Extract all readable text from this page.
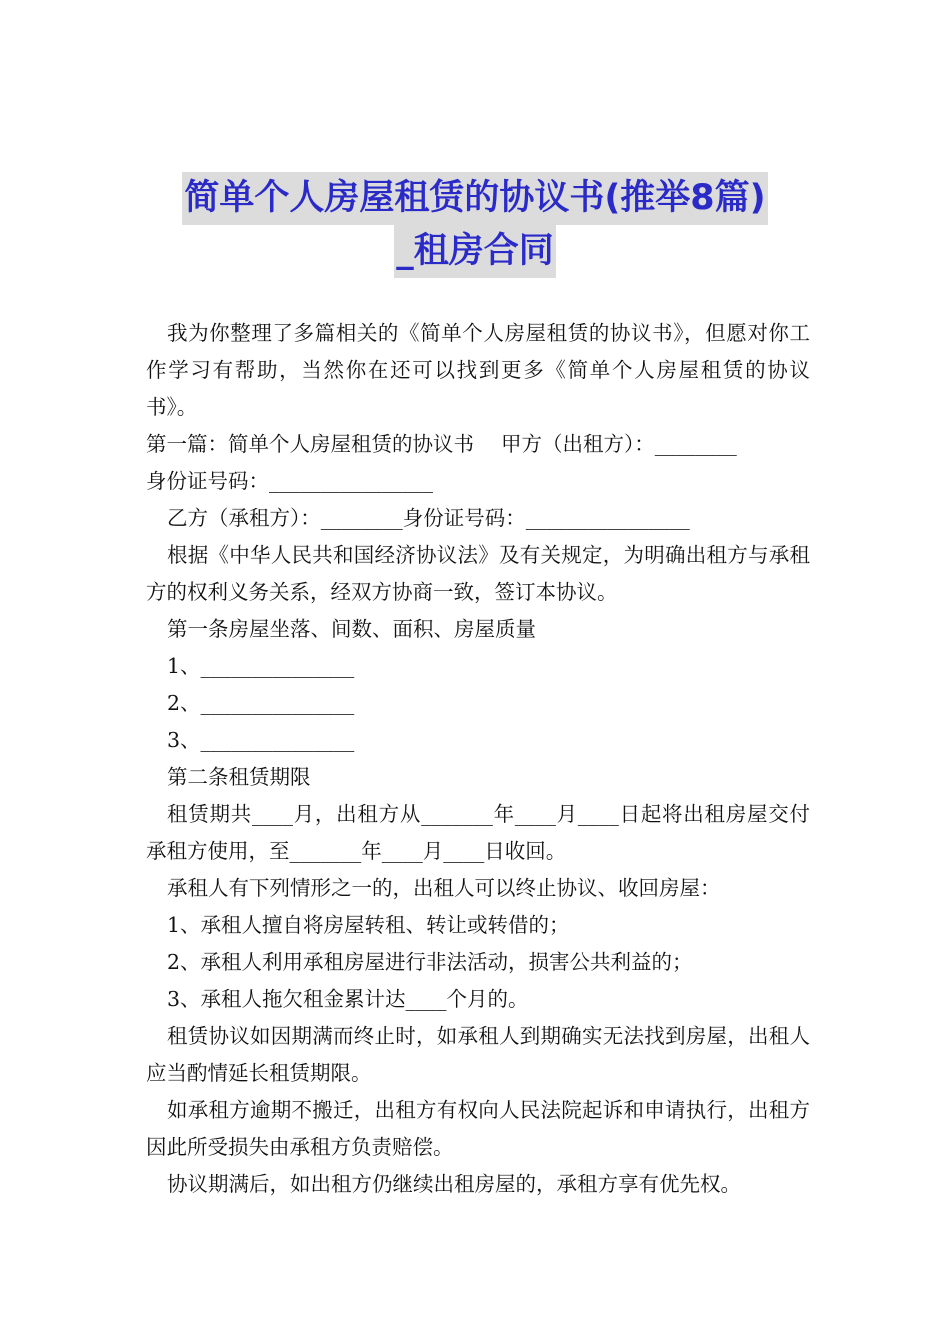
简单个人房屋租赁的协议书(推举8篇)
_租房合同

我为你整理了多篇相关的《简单个人房屋租赁的协议书》，但愿对你工作学习有帮助，当然你在还可以找到更多《简单个人房屋租赁的协议书》。

第一篇：简单个人房屋租赁的协议书　 甲方（出租方）：________

身份证号码：________________

乙方（承租方）：________身份证号码：________________

根据《中华人民共和国经济协议法》及有关规定，为明确出租方与承租方的权利义务关系，经双方协商一致，签订本协议。

第一条房屋坐落、间数、面积、房屋质量

1、_______________

2、_______________

3、_______________

第二条租赁期限

租赁期共____月，出租方从_______年____月____日起将出租房屋交付承租方使用，至_______年____月____日收回。

承租人有下列情形之一的，出租人可以终止协议、收回房屋：

1、承租人擅自将房屋转租、转让或转借的；

2、承租人利用承租房屋进行非法活动，损害公共利益的；

3、承租人拖欠租金累计达____个月的。

租赁协议如因期满而终止时，如承租人到期确实无法找到房屋，出租人应当酌情延长租赁期限。

如承租方逾期不搬迁，出租方有权向人民法院起诉和申请执行，出租方因此所受损失由承租方负责赔偿。

协议期满后，如出租方仍继续出租房屋的，承租方享有优先权。
